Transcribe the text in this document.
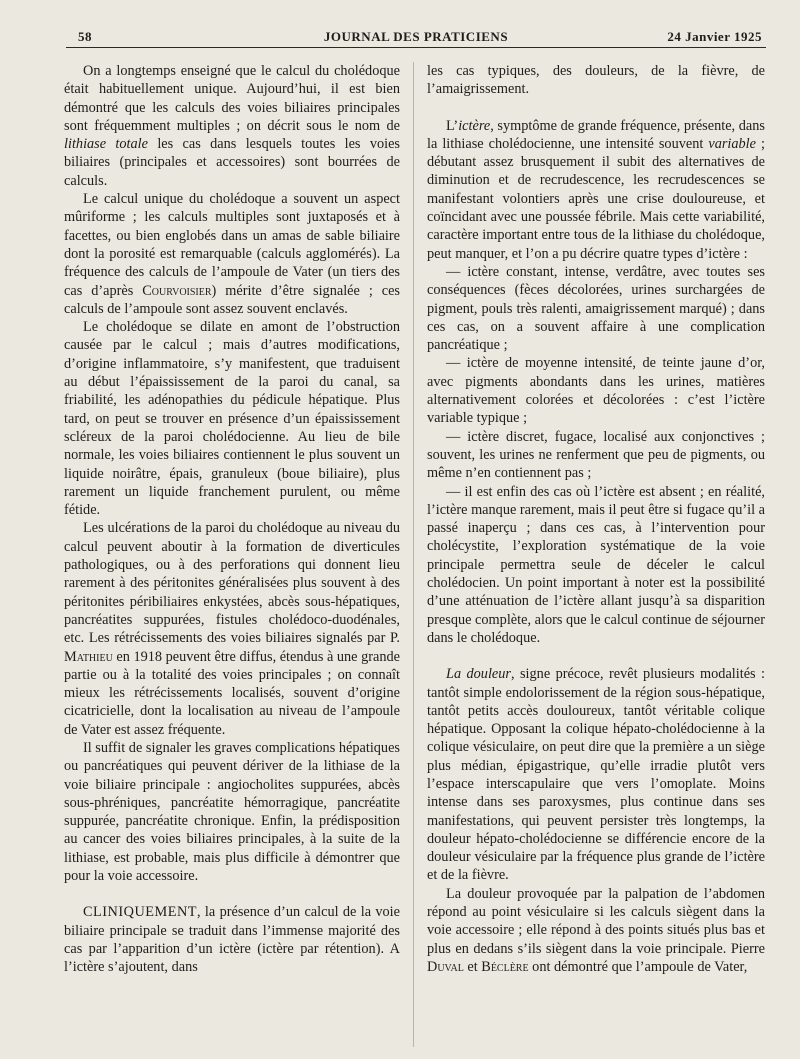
58	JOURNAL DES PRATICIENS	24 Janvier 1925

On a longtemps enseigné que le calcul du cholédoque était habituellement unique. Aujourd’hui, il est bien démontré que les calculs des voies biliaires principales sont fréquemment multiples ; on décrit sous le nom de lithiase totale les cas dans lesquels toutes les voies biliaires (principales et accessoires) sont bourrées de calculs.

Le calcul unique du cholédoque a souvent un aspect mûriforme ; les calculs multiples sont juxtaposés et à facettes, ou bien englobés dans un amas de sable biliaire dont la porosité est remarquable (calculs agglomérés). La fréquence des calculs de l’ampoule de Vater (un tiers des cas d’après Courvoisier) mérite d’être signalée ; ces calculs de l’ampoule sont assez souvent enclavés.

Le cholédoque se dilate en amont de l’obstruction causée par le calcul ; mais d’autres modifications, d’origine inflammatoire, s’y manifestent, que traduisent au début l’épaississement de la paroi du canal, sa friabilité, les adénopathies du pédicule hépatique. Plus tard, on peut se trouver en présence d’un épaississement scléreux de la paroi cholédocienne. Au lieu de bile normale, les voies biliaires contiennent le plus souvent un liquide noirâtre, épais, granuleux (boue biliaire), plus rarement un liquide franchement purulent, ou même fétide.

Les ulcérations de la paroi du cholédoque au niveau du calcul peuvent aboutir à la formation de diverticules pathologiques, ou à des perforations qui donnent lieu rarement à des péritonites généralisées plus souvent à des péritonites péribiliaires enkystées, abcès sous-hépatiques, pancréatites suppurées, fistules cholédoco-duodénales, etc. Les rétrécissements des voies biliaires signalés par P. Mathieu en 1918 peuvent être diffus, étendus à une grande partie ou à la totalité des voies principales ; on connaît mieux les rétrécissements localisés, souvent d’origine cicatricielle, dont la localisation au niveau de l’ampoule de Vater est assez fréquente.

Il suffit de signaler les graves complications hépatiques ou pancréatiques qui peuvent dériver de la lithiase de la voie biliaire principale : angiocholites suppurées, abcès sous-phréniques, pancréatite hémorragique, pancréatite suppurée, pancréatite chronique. Enfin, la prédisposition au cancer des voies biliaires principales, à la suite de la lithiase, est probable, mais plus difficile à démontrer que pour la voie accessoire.

CLINIQUEMENT, la présence d’un calcul de la voie biliaire principale se traduit dans l’immense majorité des cas par l’apparition d’un ictère (ictère par rétention). A l’ictère s’ajoutent, dans

les cas typiques, des douleurs, de la fièvre, de l’amaigrissement.

L’ictère, symptôme de grande fréquence, présente, dans la lithiase cholédocienne, une intensité souvent variable ; débutant assez brusquement il subit des alternatives de diminution et de recrudescence, les recrudescences se manifestant volontiers après une crise douloureuse, et coïncidant avec une poussée fébrile. Mais cette variabilité, caractère important entre tous de la lithiase du cholédoque, peut manquer, et l’on a pu décrire quatre types d’ictère :

— ictère constant, intense, verdâtre, avec toutes ses conséquences (fèces décolorées, urines surchargées de pigment, pouls très ralenti, amaigrissement marqué) ; dans ces cas, on a souvent affaire à une complication pancréatique ;

— ictère de moyenne intensité, de teinte jaune d’or, avec pigments abondants dans les urines, matières alternativement colorées et décolorées : c’est l’ictère variable typique ;

— ictère discret, fugace, localisé aux conjonctives ; souvent, les urines ne renferment que peu de pigments, ou même n’en contiennent pas ;

— il est enfin des cas où l’ictère est absent ; en réalité, l’ictère manque rarement, mais il peut être si fugace qu’il a passé inaperçu ; dans ces cas, à l’intervention pour cholécystite, l’exploration systématique de la voie principale permettra seule de déceler le calcul cholédocien. Un point important à noter est la possibilité d’une atténuation de l’ictère allant jusqu’à sa disparition presque complète, alors que le calcul continue de séjourner dans le cholédoque.

La douleur, signe précoce, revêt plusieurs modalités : tantôt simple endolorissement de la région sous-hépatique, tantôt petits accès douloureux, tantôt véritable colique hépatique. Opposant la colique hépato-cholédocienne à la colique vésiculaire, on peut dire que la première a un siège plus médian, épigastrique, qu’elle irradie plutôt vers l’espace interscapulaire que vers l’omoplate. Moins intense dans ses paroxysmes, plus continue dans ses manifestations, qui peuvent persister très longtemps, la douleur hépato-cholédocienne se différencie encore de la douleur vésiculaire par la fréquence plus grande de l’ictère et de la fièvre.

La douleur provoquée par la palpation de l’abdomen répond au point vésiculaire si les calculs siègent dans la voie accessoire ; elle répond à des points situés plus bas et plus en dedans s’ils siègent dans la voie principale. Pierre Duval et Béclère ont démontré que l’ampoule de Vater,
